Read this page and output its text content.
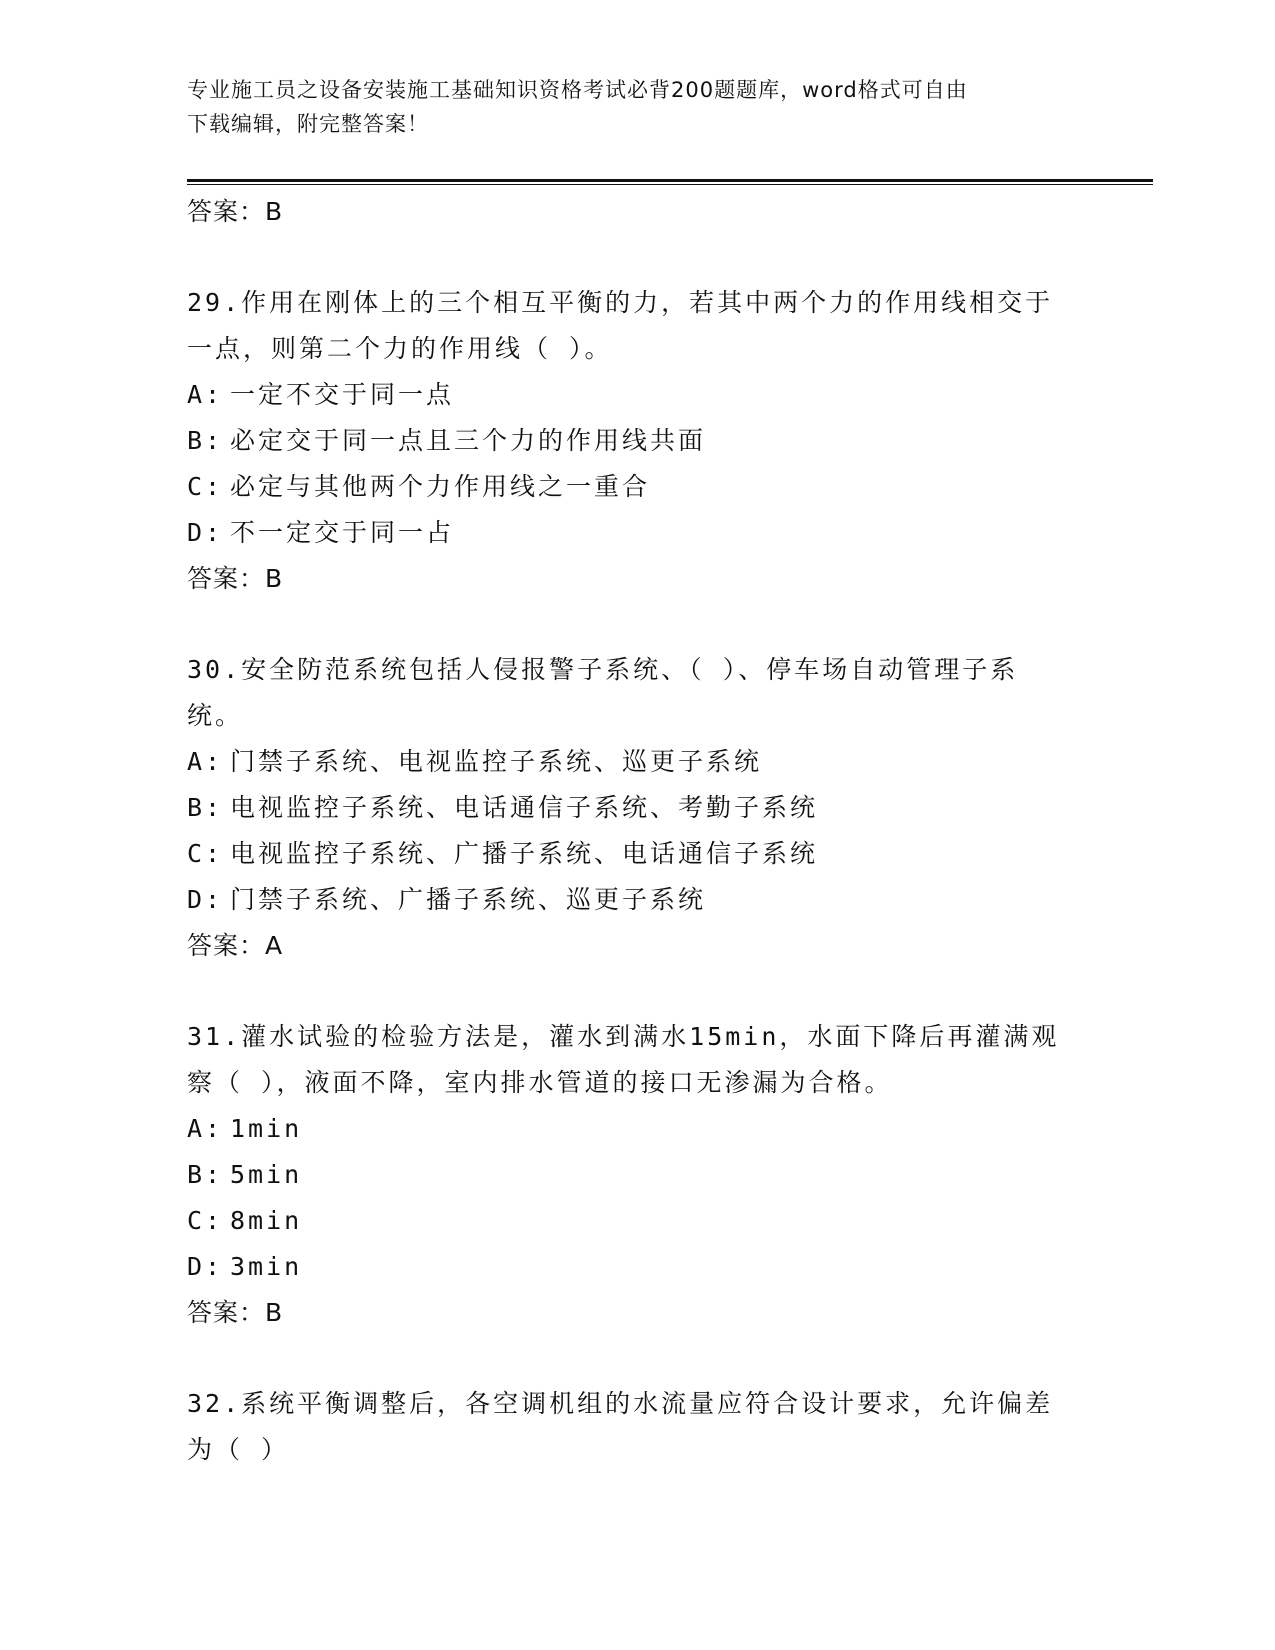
专业施工员之设备安装施工基础知识资格考试必背200题题库，word格式可自由
下载编辑，附完整答案！
答案：B
29.作用在刚体上的三个相互平衡的力，若其中两个力的作用线相交于
一点，则第二个力的作用线（ ）。
A: 一定不交于同一点
B: 必定交于同一点且三个力的作用线共面
C: 必定与其他两个力作用线之一重合
D: 不一定交于同一占
答案：B
30.安全防范系统包括人侵报警子系统、（ ）、停车场自动管理子系
统。
A: 门禁子系统、电视监控子系统、巡更子系统
B: 电视监控子系统、电话通信子系统、考勤子系统
C: 电视监控子系统、广播子系统、电话通信子系统
D: 门禁子系统、广播子系统、巡更子系统
答案：A
31.灌水试验的检验方法是，灌水到满水15min，水面下降后再灌满观
察（ ），液面不降，室内排水管道的接口无渗漏为合格。
A: 1min
B: 5min
C: 8min
D: 3min
答案：B
32.系统平衡调整后，各空调机组的水流量应符合设计要求，允许偏差
为（ ）
